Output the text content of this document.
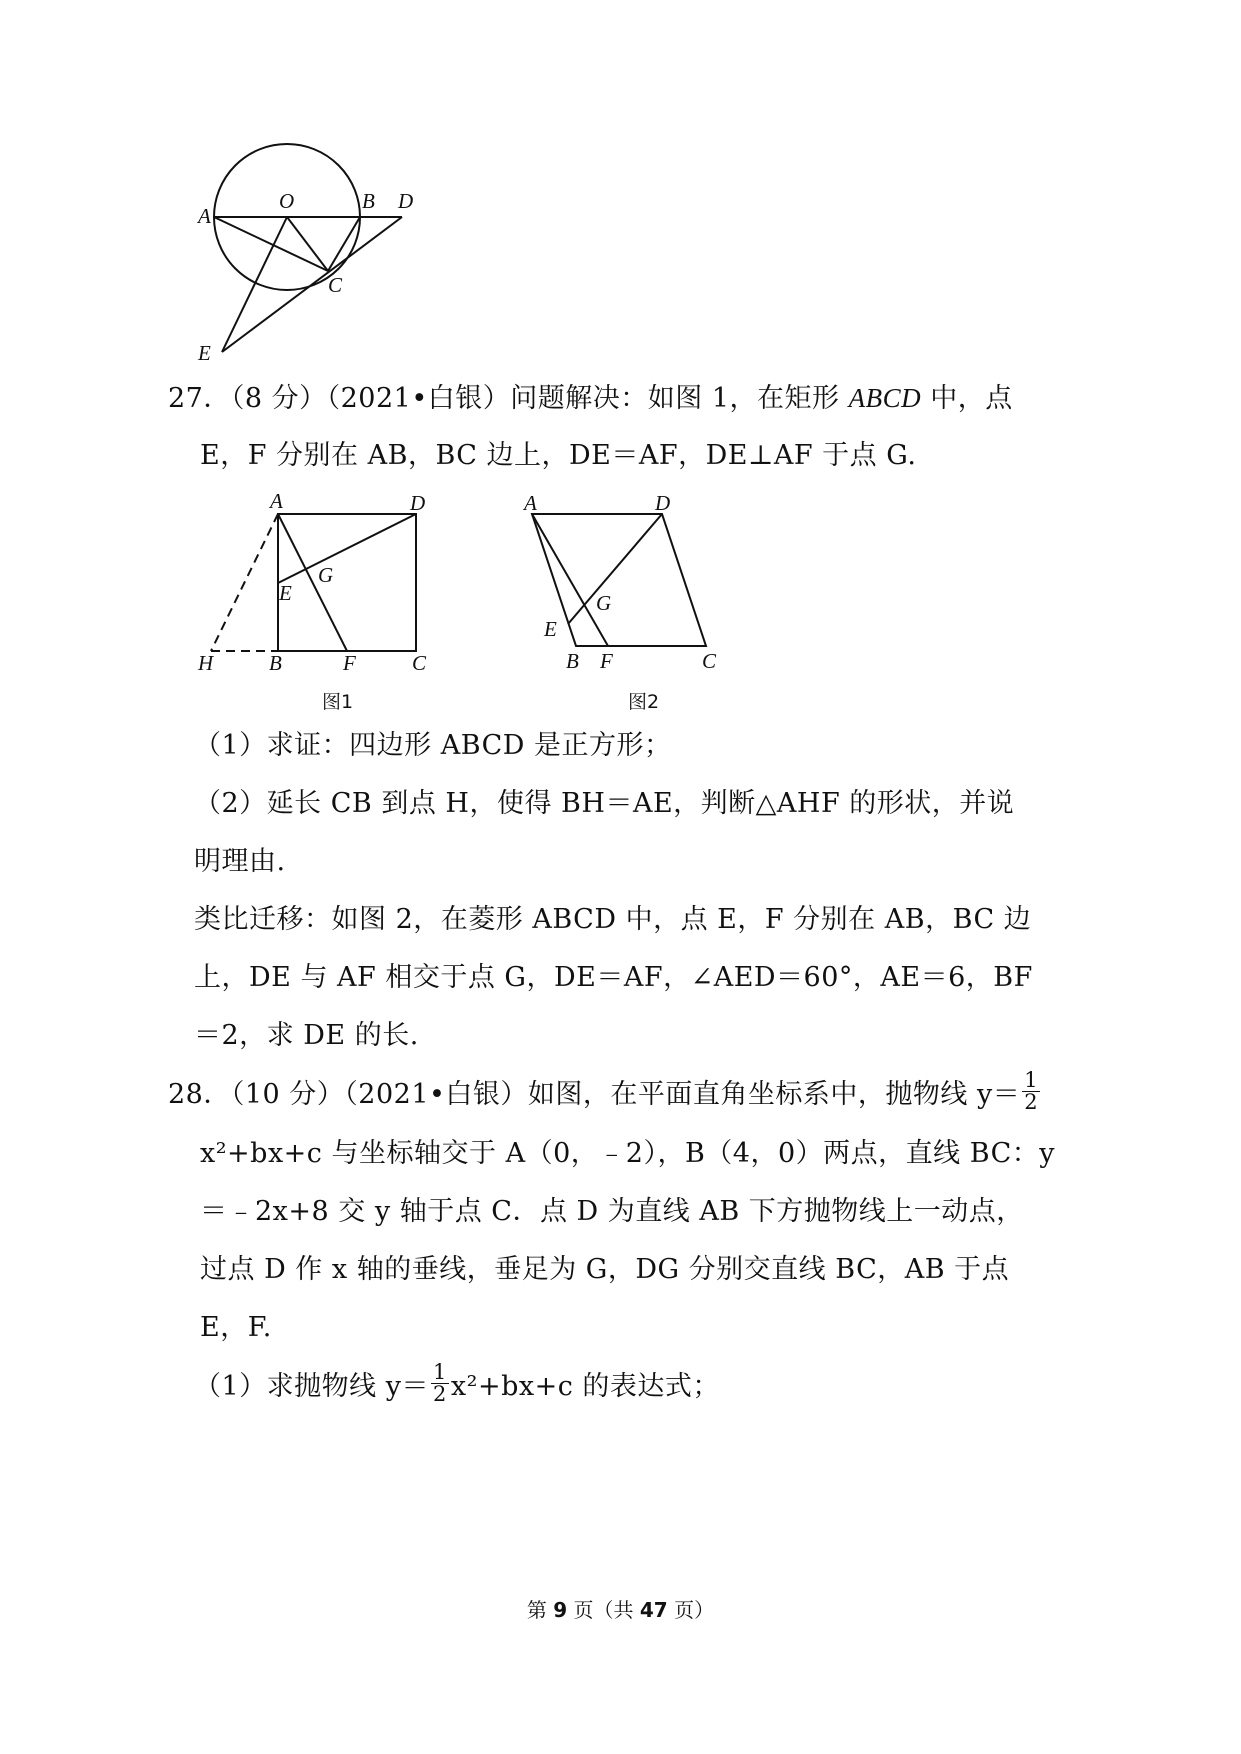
A
O	B D
C
E
27．（8 分）（2021•白银）问题解决：如图 1，在矩形 ABCD 中，点
E，F 分别在 AB，BC 边上，DE＝AF，DE⊥AF 于点 G.
A	D
G
E
H	B	F	C
图1
A	D
G
E
B F	C
图2
（1）求证：四边形 ABCD 是正方形；
（2）延长 CB 到点 H，使得 BH＝AE，判断△AHF 的形状，并说
明理由.
类比迁移：如图 2，在菱形 ABCD 中，点 E，F 分别在 AB，BC 边
上，DE 与 AF 相交于点 G，DE＝AF，∠AED＝60°，AE＝6，BF
＝2，求 DE 的长.
28．（10 分）（2021•白银）如图，在平面直角坐标系中，抛物线 $y= \frac{1}{2}$
x²+bx+c 与坐标轴交于 A（0，﹣2），B（4，0）两点，直线 BC：y
＝﹣2x+8 交 y 轴于点 C．点 D 为直线 AB 下方抛物线上一动点，
过点 D 作 x 轴的垂线，垂足为 G，DG 分别交直线 BC，AB 于点
E，F.
（1）求抛物线 $y= \frac{1}{2} x^2+bx+c$ 的表达式；
第 9 页（共 47 页）
